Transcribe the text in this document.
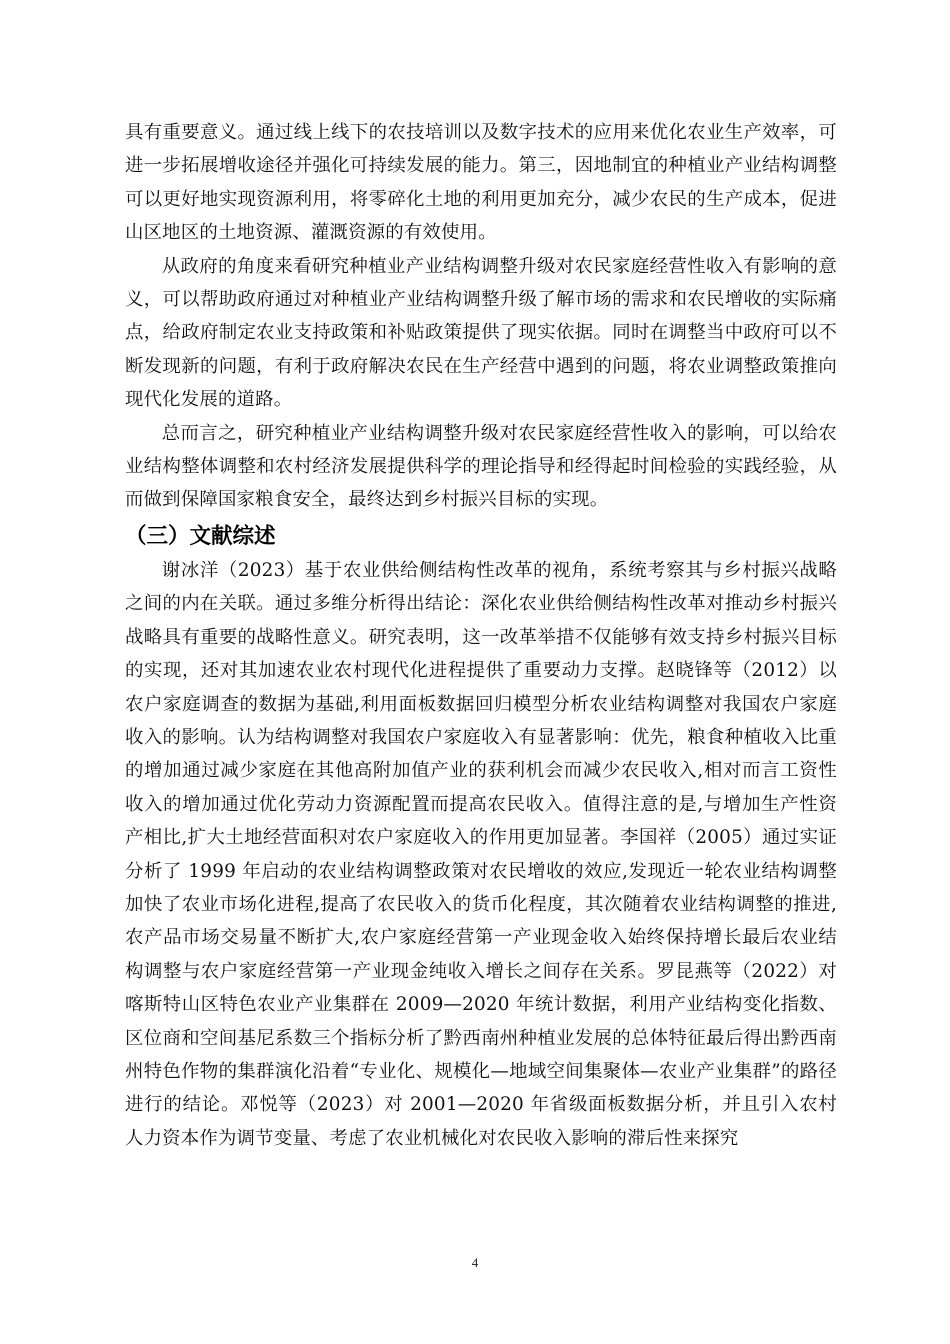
具有重要意义。通过线上线下的农技培训以及数字技术的应用来优化农业生产效率，可进一步拓展增收途径并强化可持续发展的能力。第三，因地制宜的种植业产业结构调整可以更好地实现资源利用，将零碎化土地的利用更加充分，减少农民的生产成本，促进山区地区的土地资源、灌溉资源的有效使用。

从政府的角度来看研究种植业产业结构调整升级对农民家庭经营性收入有影响的意义，可以帮助政府通过对种植业产业结构调整升级了解市场的需求和农民增收的实际痛点，给政府制定农业支持政策和补贴政策提供了现实依据。同时在调整当中政府可以不断发现新的问题，有利于政府解决农民在生产经营中遇到的问题，将农业调整政策推向现代化发展的道路。

总而言之，研究种植业产业结构调整升级对农民家庭经营性收入的影响，可以给农业结构整体调整和农村经济发展提供科学的理论指导和经得起时间检验的实践经验，从而做到保障国家粮食安全，最终达到乡村振兴目标的实现。

（三）文献综述

谢冰洋（2023）基于农业供给侧结构性改革的视角，系统考察其与乡村振兴战略之间的内在关联。通过多维分析得出结论：深化农业供给侧结构性改革对推动乡村振兴战略具有重要的战略性意义。研究表明，这一改革举措不仅能够有效支持乡村振兴目标的实现，还对其加速农业农村现代化进程提供了重要动力支撑。赵晓锋等（2012）以农户家庭调查的数据为基础,利用面板数据回归模型分析农业结构调整对我国农户家庭收入的影响。认为结构调整对我国农户家庭收入有显著影响：优先，粮食种植收入比重的增加通过减少家庭在其他高附加值产业的获利机会而减少农民收入,相对而言工资性收入的增加通过优化劳动力资源配置而提高农民收入。值得注意的是,与增加生产性资产相比,扩大土地经营面积对农户家庭收入的作用更加显著。李国祥（2005）通过实证分析了 1999 年启动的农业结构调整政策对农民增收的效应,发现近一轮农业结构调整加快了农业市场化进程,提高了农民收入的货币化程度，其次随着农业结构调整的推进,农产品市场交易量不断扩大,农户家庭经营第一产业现金收入始终保持增长最后农业结构调整与农户家庭经营第一产业现金纯收入增长之间存在关系。罗昆燕等（2022）对喀斯特山区特色农业产业集群在 2009—2020 年统计数据，利用产业结构变化指数、区位商和空间基尼系数三个指标分析了黔西南州种植业发展的总体特征最后得出黔西南州特色作物的集群演化沿着“专业化、规模化—地域空间集聚体—农业产业集群”的路径进行的结论。邓悦等（2023）对 2001—2020 年省级面板数据分析，并且引入农村人力资本作为调节变量、考虑了农业机械化对农民收入影响的滞后性来探究

4
